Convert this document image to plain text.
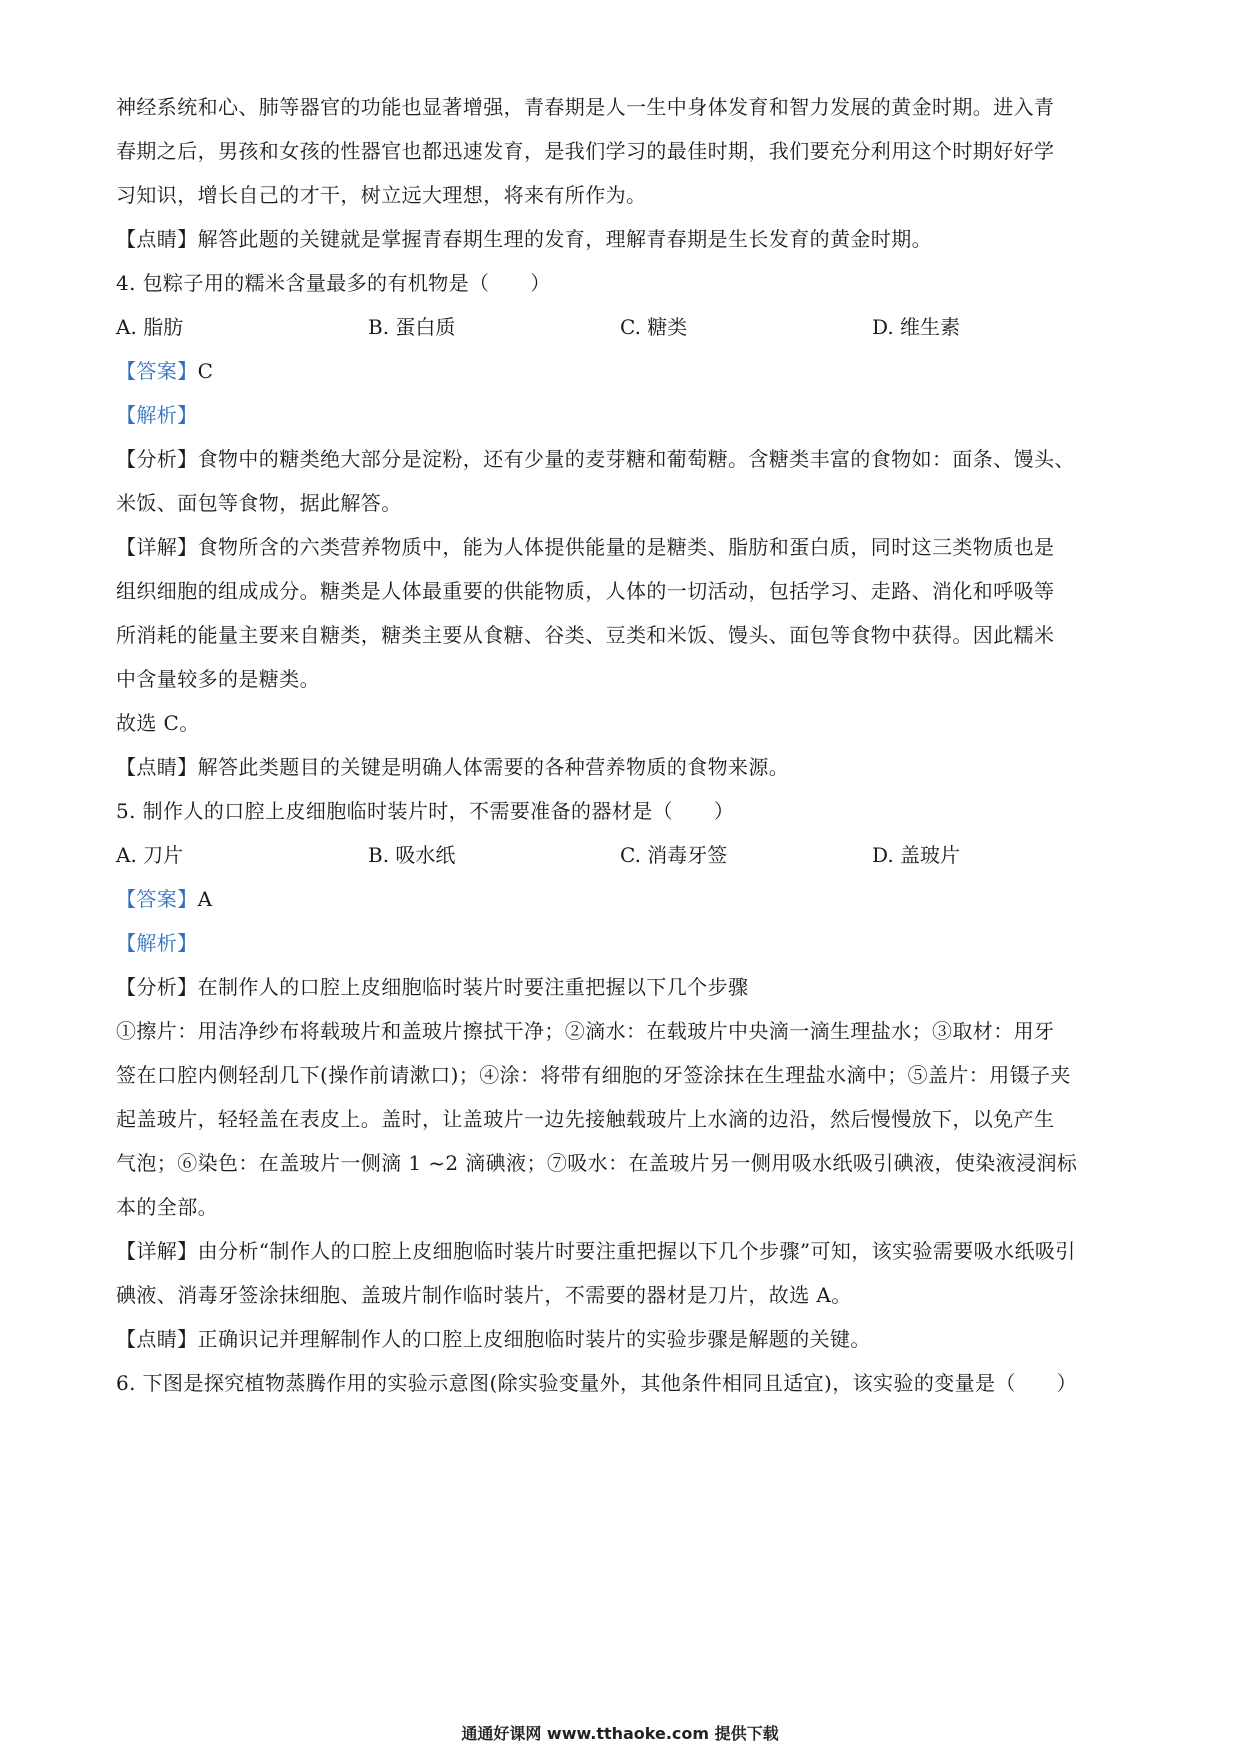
神经系统和心、肺等器官的功能也显著增强，青春期是人一生中身体发育和智力发展的黄金时期。进入青
春期之后，男孩和女孩的性器官也都迅速发育，是我们学习的最佳时期，我们要充分利用这个时期好好学
习知识，增长自己的才干，树立远大理想，将来有所作为。
【点睛】解答此题的关键就是掌握青春期生理的发育，理解青春期是生长发育的黄金时期。
4. 包粽子用的糯米含量最多的有机物是（　　）
A. 脂肪	B. 蛋白质	C. 糖类	D. 维生素
【答案】C
【解析】
【分析】食物中的糖类绝大部分是淀粉，还有少量的麦芽糖和葡萄糖。含糖类丰富的食物如：面条、馒头、
米饭、面包等食物，据此解答。
【详解】食物所含的六类营养物质中，能为人体提供能量的是糖类、脂肪和蛋白质，同时这三类物质也是
组织细胞的组成成分。糖类是人体最重要的供能物质，人体的一切活动，包括学习、走路、消化和呼吸等
所消耗的能量主要来自糖类，糖类主要从食糖、谷类、豆类和米饭、馒头、面包等食物中获得。因此糯米
中含量较多的是糖类。
故选 C。
【点睛】解答此类题目的关键是明确人体需要的各种营养物质的食物来源。
5. 制作人的口腔上皮细胞临时装片时，不需要准备的器材是（　　）
A. 刀片	B. 吸水纸	C. 消毒牙签	D. 盖玻片
【答案】A
【解析】
【分析】在制作人的口腔上皮细胞临时装片时要注重把握以下几个步骤
①擦片：用洁净纱布将载玻片和盖玻片擦拭干净；②滴水：在载玻片中央滴一滴生理盐水；③取材：用牙
签在口腔内侧轻刮几下(操作前请漱口)；④涂：将带有细胞的牙签涂抹在生理盐水滴中；⑤盖片：用镊子夹
起盖玻片，轻轻盖在表皮上。盖时，让盖玻片一边先接触载玻片上水滴的边沿，然后慢慢放下，以免产生
气泡；⑥染色：在盖玻片一侧滴 1 ~2 滴碘液；⑦吸水：在盖玻片另一侧用吸水纸吸引碘液，使染液浸润标
本的全部。
【详解】由分析“制作人的口腔上皮细胞临时装片时要注重把握以下几个步骤”可知，该实验需要吸水纸吸引
碘液、消毒牙签涂抹细胞、盖玻片制作临时装片，不需要的器材是刀片，故选 A。
【点睛】正确识记并理解制作人的口腔上皮细胞临时装片的实验步骤是解题的关键。
6. 下图是探究植物蒸腾作用的实验示意图(除实验变量外，其他条件相同且适宜)，该实验的变量是（　　）
通通好课网 www.tthaoke.com 提供下载
